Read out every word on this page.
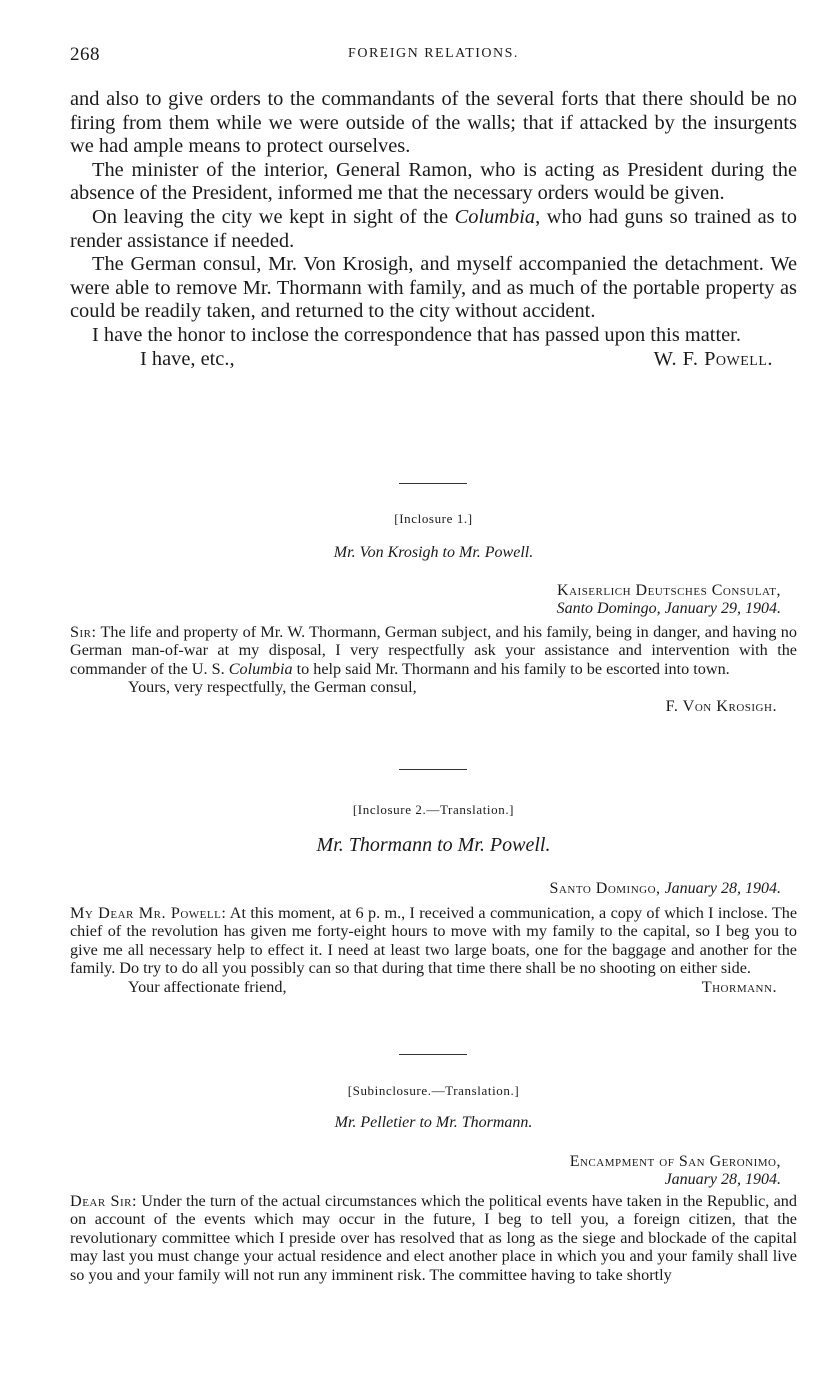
268	FOREIGN RELATIONS.

and also to give orders to the commandants of the several forts that there should be no firing from them while we were outside of the walls; that if attacked by the insurgents we had ample means to protect ourselves.

The minister of the interior, General Ramon, who is acting as President during the absence of the President, informed me that the necessary orders would be given.

On leaving the city we kept in sight of the Columbia, who had guns so trained as to render assistance if needed.

The German consul, Mr. Von Krosigh, and myself accompanied the detachment. We were able to remove Mr. Thormann with family, and as much of the portable property as could be readily taken, and returned to the city without accident.

I have the honor to inclose the correspondence that has passed upon this matter.

I have, etc.,	W. F. Powell.
[Inclosure 1.]
Mr. Von Krosigh to Mr. Powell.
Kaiserlich Deutsches Consulat,
Santo Domingo, January 29, 1904.

Sir: The life and property of Mr. W. Thormann, German subject, and his family, being in danger, and having no German man-of-war at my disposal, I very respectfully ask your assistance and intervention with the commander of the U. S. Columbia to help said Mr. Thormann and his family to be escorted into town.

Yours, very respectfully, the German consul,
F. Von Krosigh.
[Inclosure 2.—Translation.]
Mr. Thormann to Mr. Powell.
Santo Domingo, January 28, 1904.

My Dear Mr. Powell: At this moment, at 6 p. m., I received a communication, a copy of which I inclose. The chief of the revolution has given me forty-eight hours to move with my family to the capital, so I beg you to give me all necessary help to effect it. I need at least two large boats, one for the baggage and another for the family. Do try to do all you possibly can so that during that time there shall be no shooting on either side.

Your affectionate friend,	Thormann.
[Subinclosure.—Translation.]
Mr. Pelletier to Mr. Thormann.
Encampment of San Geronimo,
January 28, 1904.

Dear Sir: Under the turn of the actual circumstances which the political events have taken in the Republic, and on account of the events which may occur in the future, I beg to tell you, a foreign citizen, that the revolutionary committee which I preside over has resolved that as long as the siege and blockade of the capital may last you must change your actual residence and elect another place in which you and your family shall live so you and your family will not run any imminent risk. The committee having to take shortly
